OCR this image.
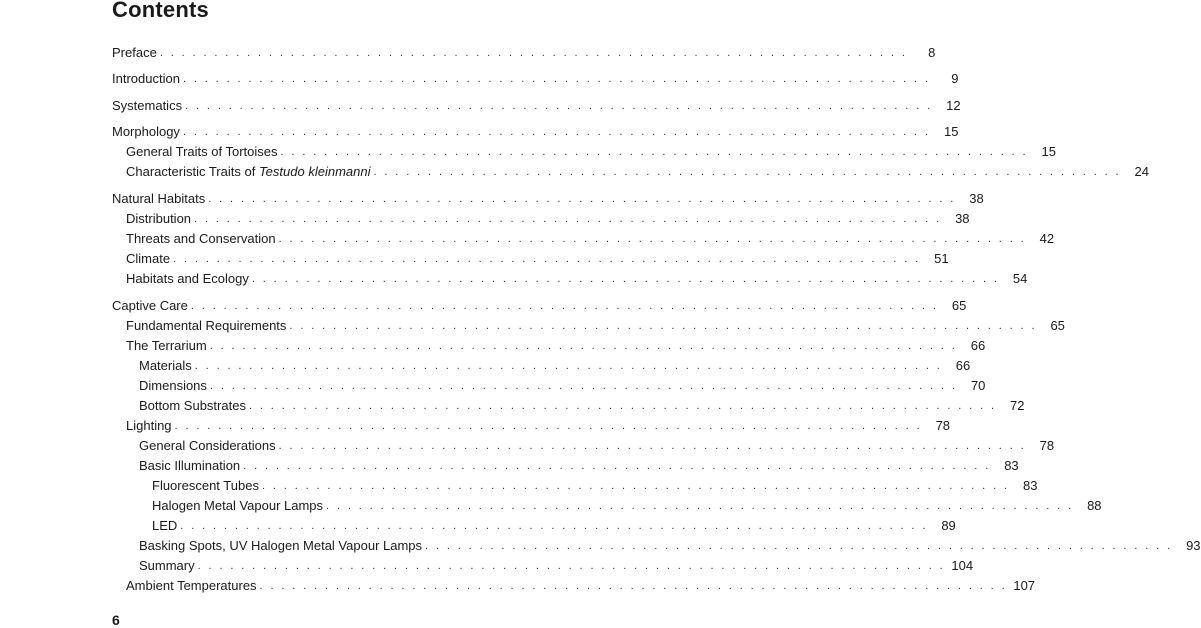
Contents
Preface . . . . . . . . . . . . . . . . . . . . . . . . . . . . . . . . . . . . . . . . . . . . . . . . . . . . . . . . . . . . . . . . . . . . .	8
Introduction . . . . . . . . . . . . . . . . . . . . . . . . . . . . . . . . . . . . . . . . . . . . . . . . . . . . . . . . . . . . . . . . . . . . .	9
Systematics . . . . . . . . . . . . . . . . . . . . . . . . . . . . . . . . . . . . . . . . . . . . . . . . . . . . . . . . . . . . . . . . . . . . .	12
Morphology . . . . . . . . . . . . . . . . . . . . . . . . . . . . . . . . . . . . . . . . . . . . . . . . . . . . . . . . . . . . . . . . . . . . .	15
General Traits of Tortoises . . . . . . . . . . . . . . . . . . . . . . . . . . . . . . . . . . . . . . . . . . . . . . . . . . . . . . . . . . . . . . . . . . . . .	15
Characteristic Traits of Testudo kleinmanni . . . . . . . . . . . . . . . . . . . . . . . . . . . . . . . . . . . . . . . . . . . . . . . . . . . . . . . . . . . . . . . . . . . . .	24
Natural Habitats . . . . . . . . . . . . . . . . . . . . . . . . . . . . . . . . . . . . . . . . . . . . . . . . . . . . . . . . . . . . . . . . . . . . .	38
Distribution . . . . . . . . . . . . . . . . . . . . . . . . . . . . . . . . . . . . . . . . . . . . . . . . . . . . . . . . . . . . . . . . . . . . .	38
Threats and Conservation . . . . . . . . . . . . . . . . . . . . . . . . . . . . . . . . . . . . . . . . . . . . . . . . . . . . . . . . . . . . . . . . . . . . .	42
Climate . . . . . . . . . . . . . . . . . . . . . . . . . . . . . . . . . . . . . . . . . . . . . . . . . . . . . . . . . . . . . . . . . . . . .	51
Habitats and Ecology . . . . . . . . . . . . . . . . . . . . . . . . . . . . . . . . . . . . . . . . . . . . . . . . . . . . . . . . . . . . . . . . . . . . .	54
Captive Care . . . . . . . . . . . . . . . . . . . . . . . . . . . . . . . . . . . . . . . . . . . . . . . . . . . . . . . . . . . . . . . . . . . . .	65
Fundamental Requirements . . . . . . . . . . . . . . . . . . . . . . . . . . . . . . . . . . . . . . . . . . . . . . . . . . . . . . . . . . . . . . . . . . . . .	65
The Terrarium . . . . . . . . . . . . . . . . . . . . . . . . . . . . . . . . . . . . . . . . . . . . . . . . . . . . . . . . . . . . . . . . . . . . .	66
Materials . . . . . . . . . . . . . . . . . . . . . . . . . . . . . . . . . . . . . . . . . . . . . . . . . . . . . . . . . . . . . . . . . . . . .	66
Dimensions . . . . . . . . . . . . . . . . . . . . . . . . . . . . . . . . . . . . . . . . . . . . . . . . . . . . . . . . . . . . . . . . . . . . .	70
Bottom Substrates . . . . . . . . . . . . . . . . . . . . . . . . . . . . . . . . . . . . . . . . . . . . . . . . . . . . . . . . . . . . . . . . . . . . .	72
Lighting . . . . . . . . . . . . . . . . . . . . . . . . . . . . . . . . . . . . . . . . . . . . . . . . . . . . . . . . . . . . . . . . . . . . .	78
General Considerations . . . . . . . . . . . . . . . . . . . . . . . . . . . . . . . . . . . . . . . . . . . . . . . . . . . . . . . . . . . . . . . . . . . . .	78
Basic Illumination . . . . . . . . . . . . . . . . . . . . . . . . . . . . . . . . . . . . . . . . . . . . . . . . . . . . . . . . . . . . . . . . . . . . .	83
Fluorescent Tubes . . . . . . . . . . . . . . . . . . . . . . . . . . . . . . . . . . . . . . . . . . . . . . . . . . . . . . . . . . . . . . . . . . . . .	83
Halogen Metal Vapour Lamps . . . . . . . . . . . . . . . . . . . . . . . . . . . . . . . . . . . . . . . . . . . . . . . . . . . . . . . . . . . . . . . . . . . . .	88
LED . . . . . . . . . . . . . . . . . . . . . . . . . . . . . . . . . . . . . . . . . . . . . . . . . . . . . . . . . . . . . . . . . . . . .	89
Basking Spots, UV Halogen Metal Vapour Lamps . . . . . . . . . . . . . . . . . . . . . . . . . . . . . . . . . . . . . . . . . . . . . . . . . . . . . . . . . . . . . . . . . . . . .	93
Summary . . . . . . . . . . . . . . . . . . . . . . . . . . . . . . . . . . . . . . . . . . . . . . . . . . . . . . . . . . . . . . . . . . . . . 104
Ambient Temperatures . . . . . . . . . . . . . . . . . . . . . . . . . . . . . . . . . . . . . . . . . . . . . . . . . . . . . . . . . . . . . . . . . . . . . 107
6
